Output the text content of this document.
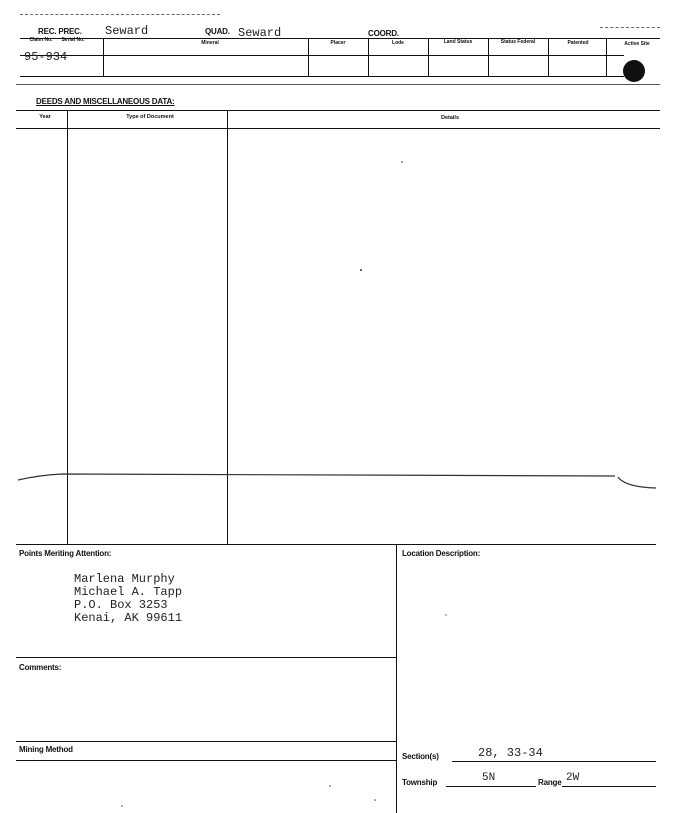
REC. PREC. Seward	QUAD. Seward	COORD.
Claim No.	Serial No.	Mineral	Placer	Lode	Land Status	Status Federal	Patented	Active Site
95-934
DEEDS AND MISCELLANEOUS DATA:
Year	Type of Document	Details
Points Meriting Attention:
Marlena Murphy
Michael A. Tapp
P.O. Box 3253
Kenai, AK 99611
Comments:
Mining Method
Location Description:
Section(s)	28, 33-34
Township	5N	Range 2W
